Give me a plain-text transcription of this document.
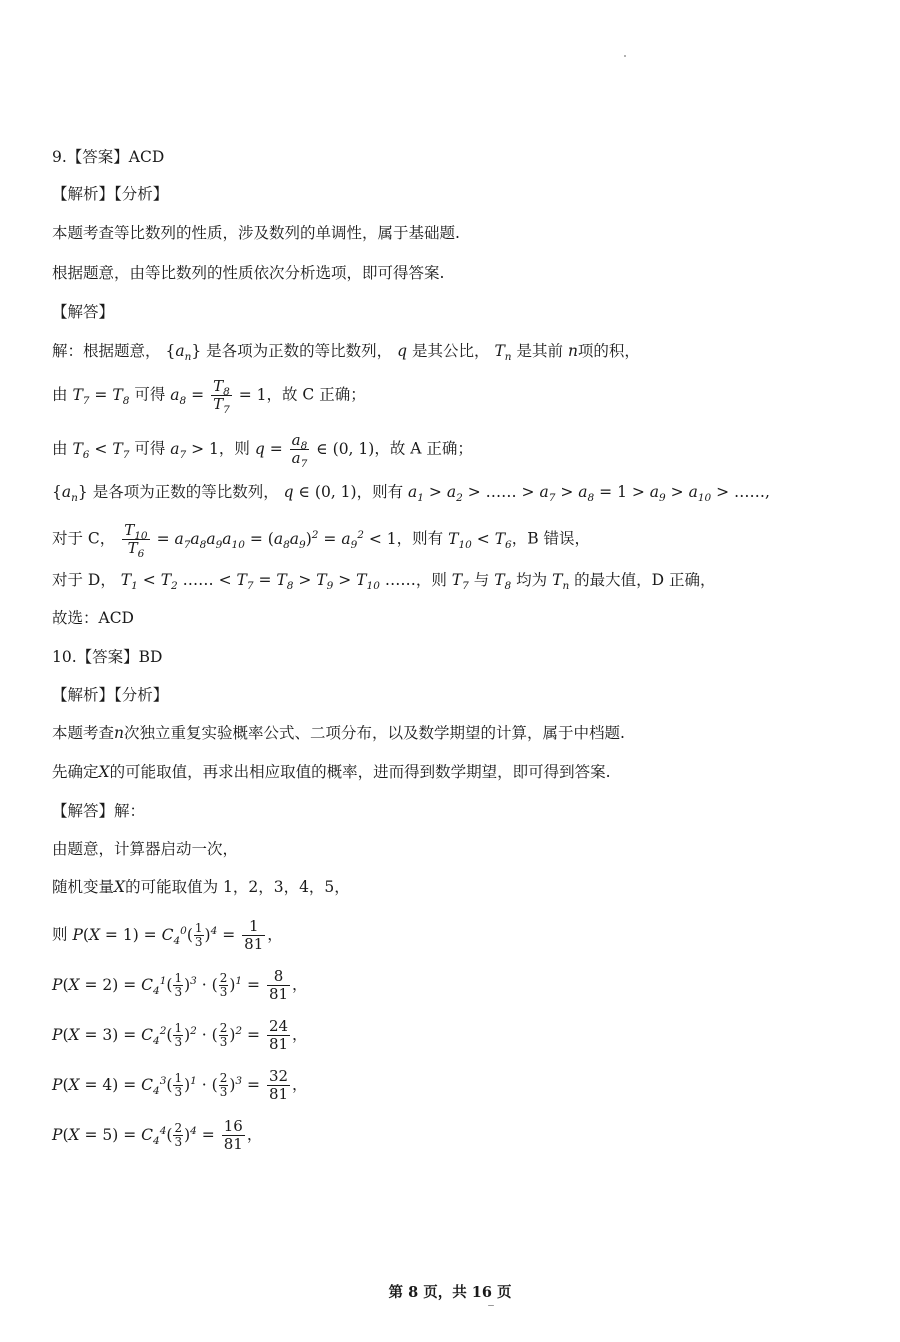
9.【答案】ACD
【解析】【分析】
本题考查等比数列的性质，涉及数列的单调性，属于基础题.
根据题意，由等比数列的性质依次分析选项，即可得答案.
【解答】
解：根据题意， $\{a_n\}$ 是各项为正数的等比数列， q 是其公比， $T_n$ 是其前 n项的积，
由 $T_7 = T_8$ 可得 $a_8 = \frac{T_8}{T_7} = 1$，故 C 正确；
由 $T_6 < T_7$ 可得 $a_7 > 1$，则 $q = \frac{a_8}{a_7}$ ∈ (0, 1)，故 A 正确；
$\{a_n\}$ 是各项为正数的等比数列， q ∈ (0, 1)，则有 $a_1 > a_2$ > …… > $a_7 > a_8 = 1 > a_9 > a_{10}$ > ……,
对于 C， $\frac{T_{10}}{T_6} = a_7a_8a_9a_{10} = (a_8a_9)^2 = a_9^2 < 1$，则有 $T_{10} < T_6$，B 错误，
对于 D， $T_1 < T_2$ …… < $T_7 = T_8 > T_9 > T_{10}$ ……，则 $T_7$ 与 $T_8$ 均为 $T_n$ 的最大值，D 正确，
故选：ACD
10.【答案】BD
【解析】【分析】
本题考查n次独立重复实验概率公式、二项分布，以及数学期望的计算，属于中档题.
先确定X的可能取值，再求出相应取值的概率，进而得到数学期望，即可得到答案.
【解答】解：
由题意，计算器启动一次，
随机变量X的可能取值为 1，2，3，4，5，
则 $P(X = 1) = C_4^0( \frac{1}{3} )^4 = \frac{1}{81}$ ，
$P(X = 2) = C_4^1( \frac{1}{3} )^3$ · ( $\frac{2}{3} )^1 = \frac{8}{81}$ ，
$P(X = 3) = C_4^2( \frac{1}{3} )^2$ · ( $\frac{2}{3} )^2 = \frac{24}{81}$ ，
$P(X = 4) = C_4^3( \frac{1}{3} )^1$ · ( $\frac{2}{3} )^3 = \frac{32}{81}$ ，
$P(X = 5) = C_4^4( \frac{2}{3} )^4 = \frac{16}{81}$ ，
第 8 页，共 16 页
